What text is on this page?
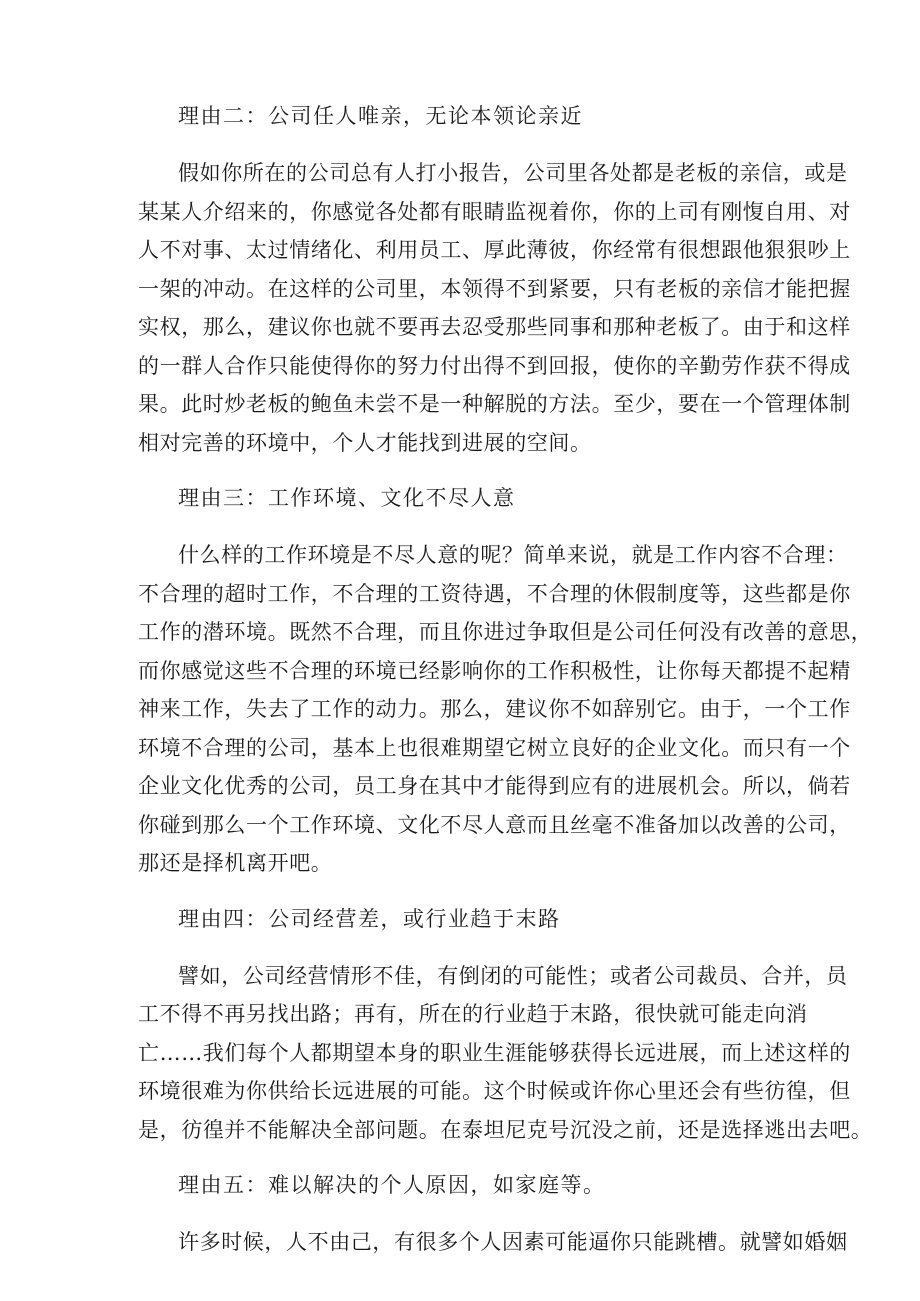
理由二：公司任人唯亲，无论本领论亲近
假如你所在的公司总有人打小报告，公司里各处都是老板的亲信，或是
某某人介绍来的，你感觉各处都有眼睛监视着你，你的上司有刚愎自用、对
人不对事、太过情绪化、利用员工、厚此薄彼，你经常有很想跟他狠狠吵上
一架的冲动。在这样的公司里，本领得不到紧要，只有老板的亲信才能把握
实权，那么，建议你也就不要再去忍受那些同事和那种老板了。由于和这样
的一群人合作只能使得你的努力付出得不到回报，使你的辛勤劳作获不得成
果。此时炒老板的鲍鱼未尝不是一种解脱的方法。至少，要在一个管理体制
相对完善的环境中，个人才能找到进展的空间。
理由三：工作环境、文化不尽人意
什么样的工作环境是不尽人意的呢？简单来说，就是工作内容不合理：
不合理的超时工作，不合理的工资待遇，不合理的休假制度等，这些都是你
工作的潜环境。既然不合理，而且你进过争取但是公司任何没有改善的意思，
而你感觉这些不合理的环境已经影响你的工作积极性，让你每天都提不起精
神来工作，失去了工作的动力。那么，建议你不如辞别它。由于，一个工作
环境不合理的公司，基本上也很难期望它树立良好的企业文化。而只有一个
企业文化优秀的公司，员工身在其中才能得到应有的进展机会。所以，倘若
你碰到那么一个工作环境、文化不尽人意而且丝毫不准备加以改善的公司，
那还是择机离开吧。
理由四：公司经营差，或行业趋于末路
譬如，公司经营情形不佳，有倒闭的可能性；或者公司裁员、合并，员
工不得不再另找出路；再有，所在的行业趋于末路，很快就可能走向消
亡……我们每个人都期望本身的职业生涯能够获得长远进展，而上述这样的
环境很难为你供给长远进展的可能。这个时候或许你心里还会有些彷徨，但
是，彷徨并不能解决全部问题。在泰坦尼克号沉没之前，还是选择逃出去吧。
理由五：难以解决的个人原因，如家庭等。
许多时候，人不由己，有很多个人因素可能逼你只能跳槽。就譬如婚姻
